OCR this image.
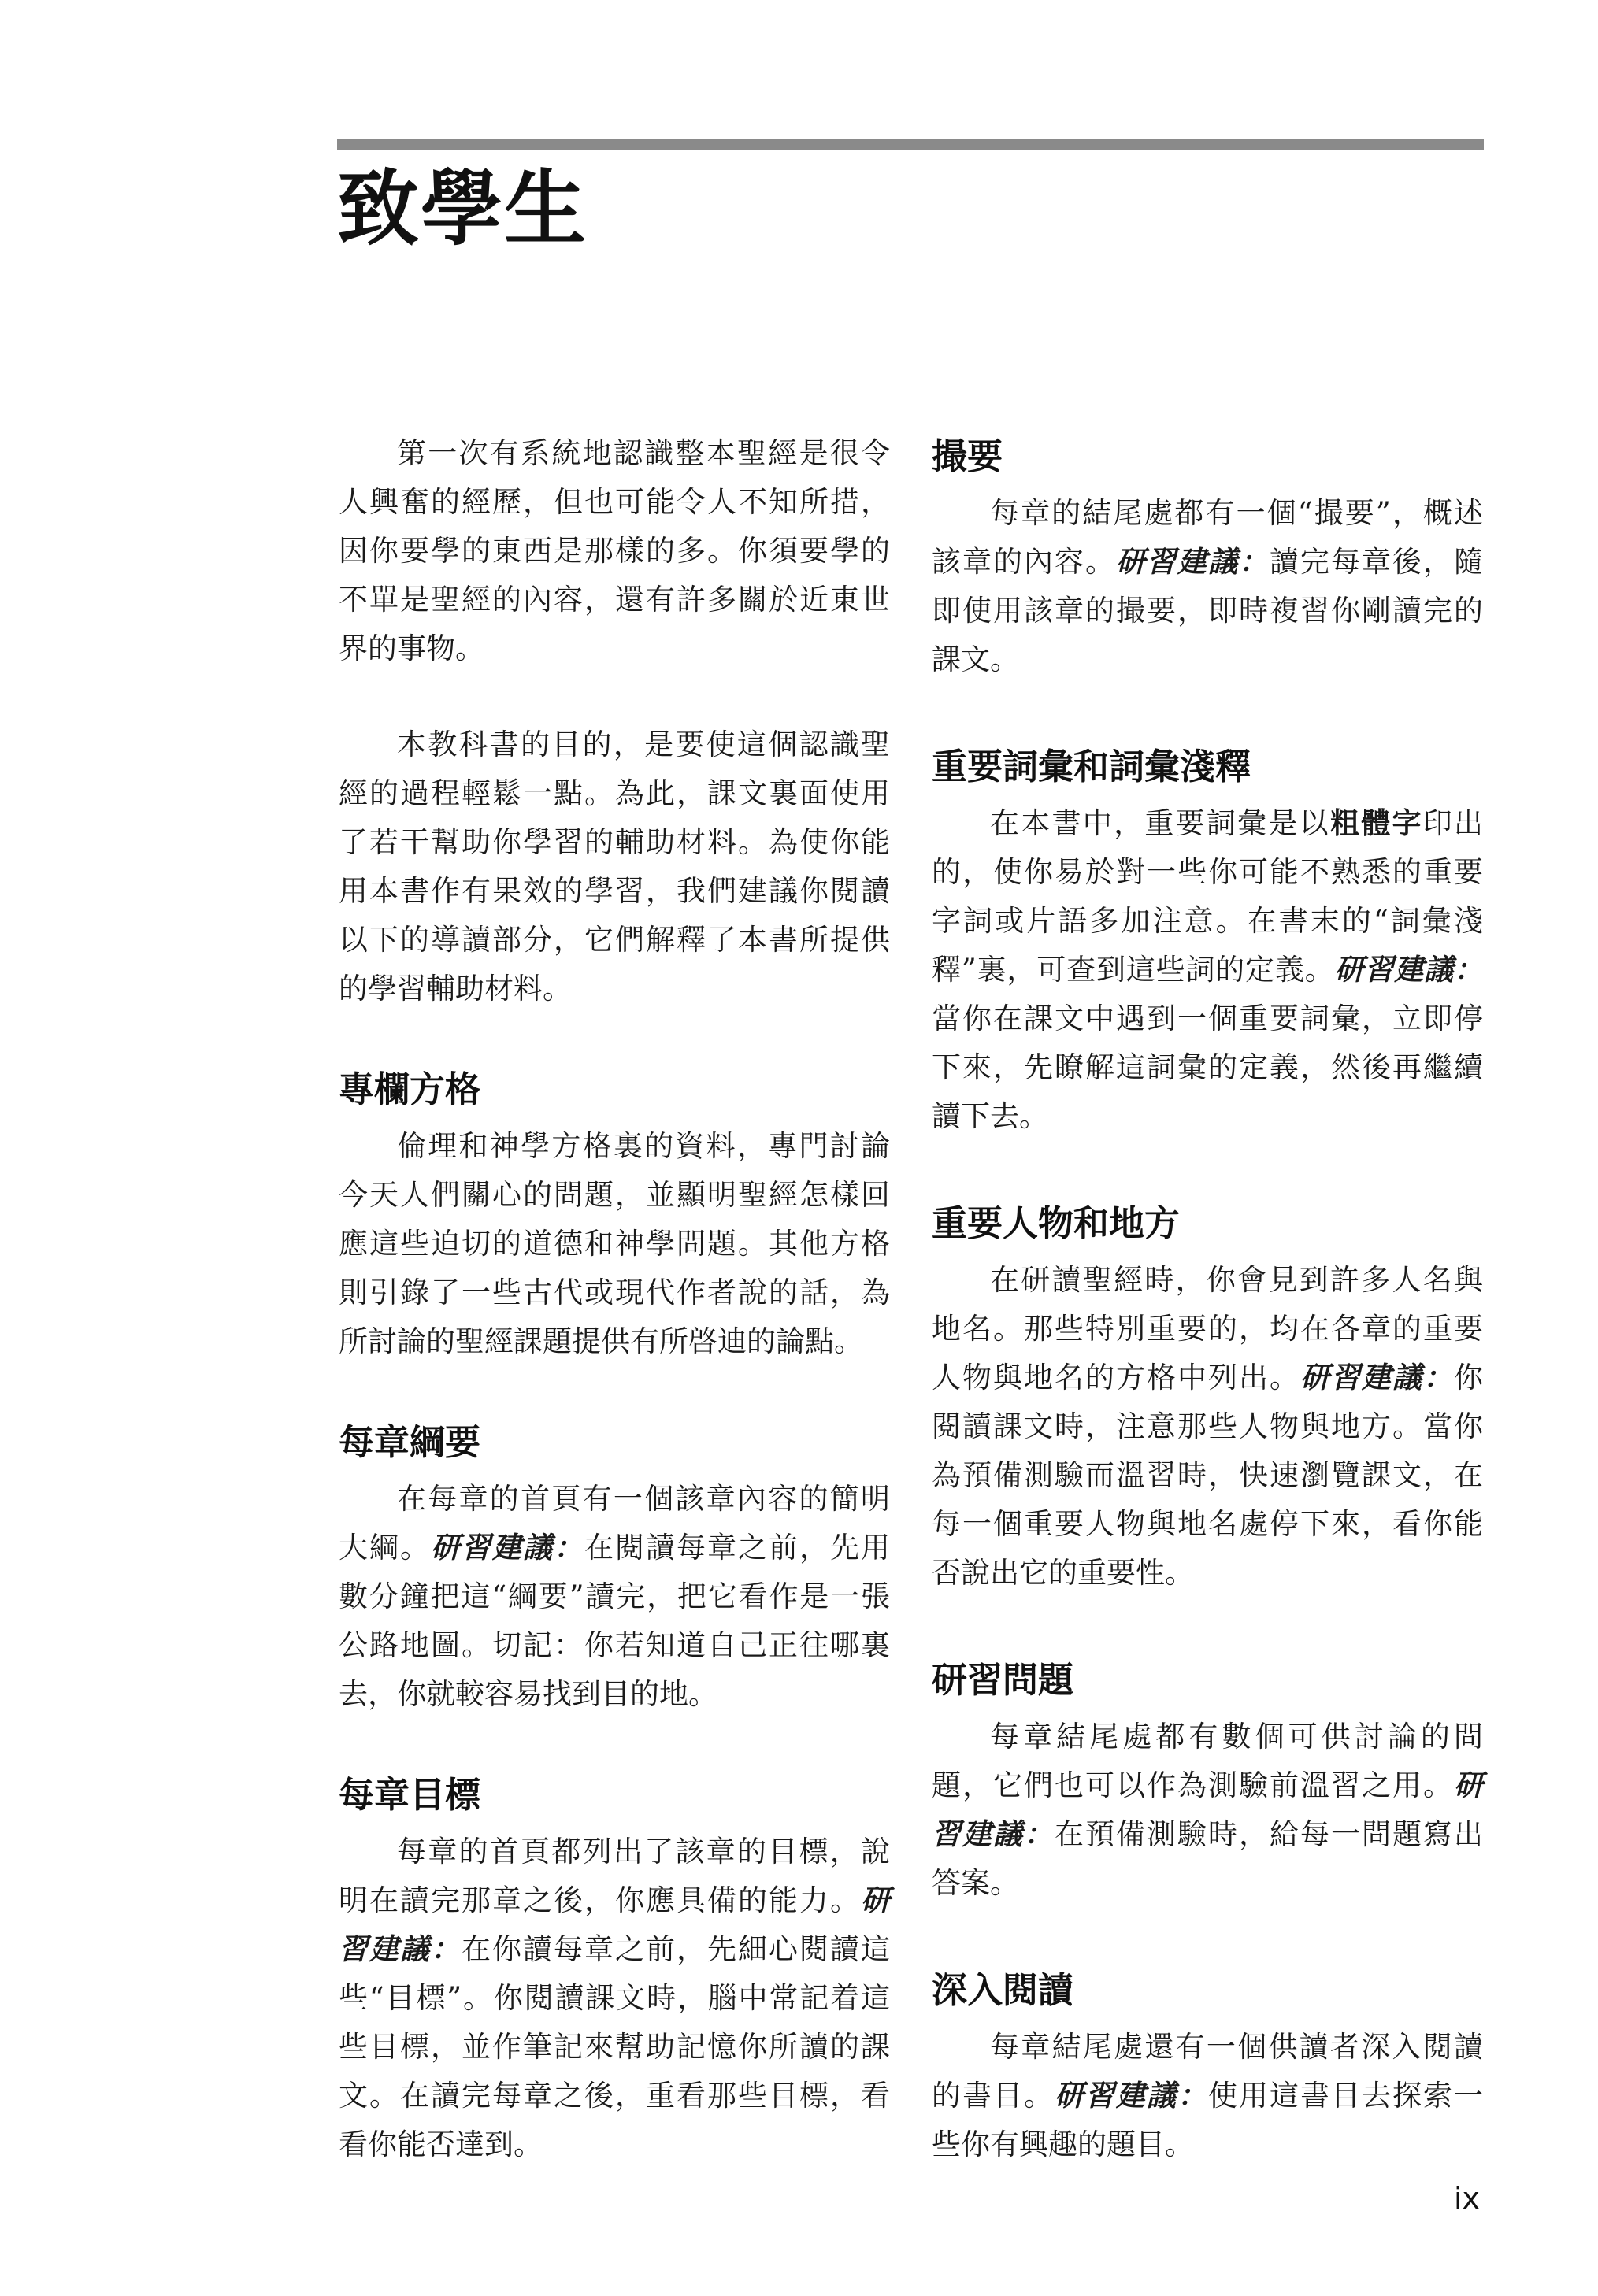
致學生

第一次有系統地認識整本聖經是很令人興奮的經歷，但也可能令人不知所措，因你要學的東西是那樣的多。你須要學的不單是聖經的內容，還有許多關於近東世界的事物。

本教科書的目的，是要使這個認識聖經的過程輕鬆一點。為此，課文裏面使用了若干幫助你學習的輔助材料。為使你能用本書作有果效的學習，我們建議你閱讀以下的導讀部分，它們解釋了本書所提供的學習輔助材料。

專欄方格

倫理和神學方格裏的資料，專門討論今天人們關心的問題，並顯明聖經怎樣回應這些迫切的道德和神學問題。其他方格則引錄了一些古代或現代作者說的話，為所討論的聖經課題提供有所啓迪的論點。

每章綱要

在每章的首頁有一個該章內容的簡明大綱。研習建議：在閱讀每章之前，先用數分鐘把這“綱要”讀完，把它看作是一張公路地圖。切記：你若知道自己正往哪裏去，你就較容易找到目的地。

每章目標

每章的首頁都列出了該章的目標，說明在讀完那章之後，你應具備的能力。研習建議：在你讀每章之前，先細心閱讀這些“目標”。你閱讀課文時，腦中常記着這些目標，並作筆記來幫助記憶你所讀的課文。在讀完每章之後，重看那些目標，看看你能否達到。

撮要

每章的結尾處都有一個“撮要”，概述該章的內容。研習建議：讀完每章後，隨即使用該章的撮要，即時複習你剛讀完的課文。

重要詞彙和詞彙淺釋

在本書中，重要詞彙是以粗體字印出的，使你易於對一些你可能不熟悉的重要字詞或片語多加注意。在書末的“詞彙淺釋”裏，可查到這些詞的定義。研習建議：當你在課文中遇到一個重要詞彙，立即停下來，先瞭解這詞彙的定義，然後再繼續讀下去。

重要人物和地方

在研讀聖經時，你會見到許多人名與地名。那些特別重要的，均在各章的重要人物與地名的方格中列出。研習建議：你閱讀課文時，注意那些人物與地方。當你為預備測驗而溫習時，快速瀏覽課文，在每一個重要人物與地名處停下來，看你能否說出它的重要性。

研習問題

每章結尾處都有數個可供討論的問題，它們也可以作為測驗前溫習之用。研習建議：在預備測驗時，給每一問題寫出答案。

深入閱讀

每章結尾處還有一個供讀者深入閱讀的書目。研習建議：使用這書目去探索一些你有興趣的題目。

ix
